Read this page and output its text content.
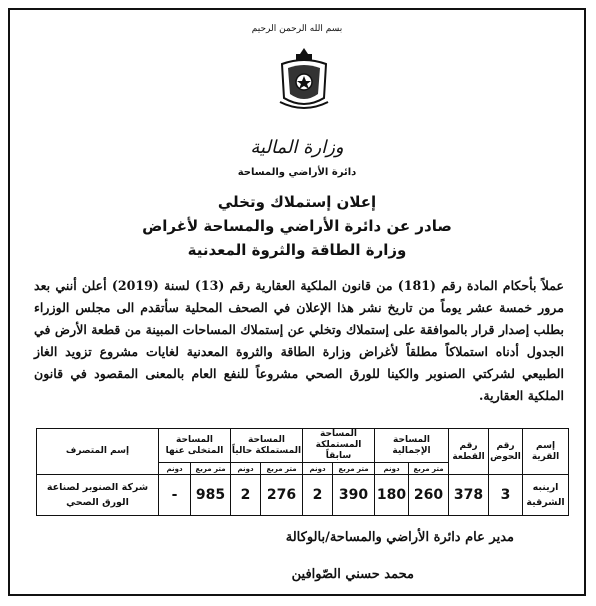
بسم الله الرحمن الرحيم
وزارة المالية
دائرة الأراضي والمساحة
إعلان إستملاك وتخلي
صادر عن دائرة الأراضي والمساحة لأغراض
وزارة الطاقة والثروة المعدنية
عملاً بأحكام المادة رقم (181) من قانون الملكية العقارية رقم (13) لسنة (2019) أعلن أنني بعد مرور خمسة عشر يوماً من تاريخ نشر هذا الإعلان في الصحف المحلية سأتقدم الى مجلس الوزراء بطلب إصدار قرار بالموافقة على إستملاك وتخلي عن إستملاك المساحات المبينة من قطعة الأرض في الجدول أدناه استملاكاً مطلقاً لأغراض وزارة الطاقة والثروة المعدنية لغايات مشروع تزويد الغاز الطبيعي لشركتي الصنوبر والكينا للورق الصحي مشروعاً للنفع العام بالمعنى المقصود في قانون الملكية العقارية.
إسم القرية	رقم الحوض	رقم القطعة	المساحة الإجمالية		المساحة المستملكة سابقاً		المساحة المستملكة حالياً		المساحة المتخلى عنها		إسم المتصرف
			متر مربع	دونم	متر مربع	دونم	متر مربع	دونم	متر مربع	دونم	
ارينبه الشرقية	3	378	260	180	390	2	276	2	985	-	شركة الصنوبر لصناعة الورق الصحي
مدير عام دائرة الأراضي والمساحة/بالوكالة
محمد حسني الصّوافين
